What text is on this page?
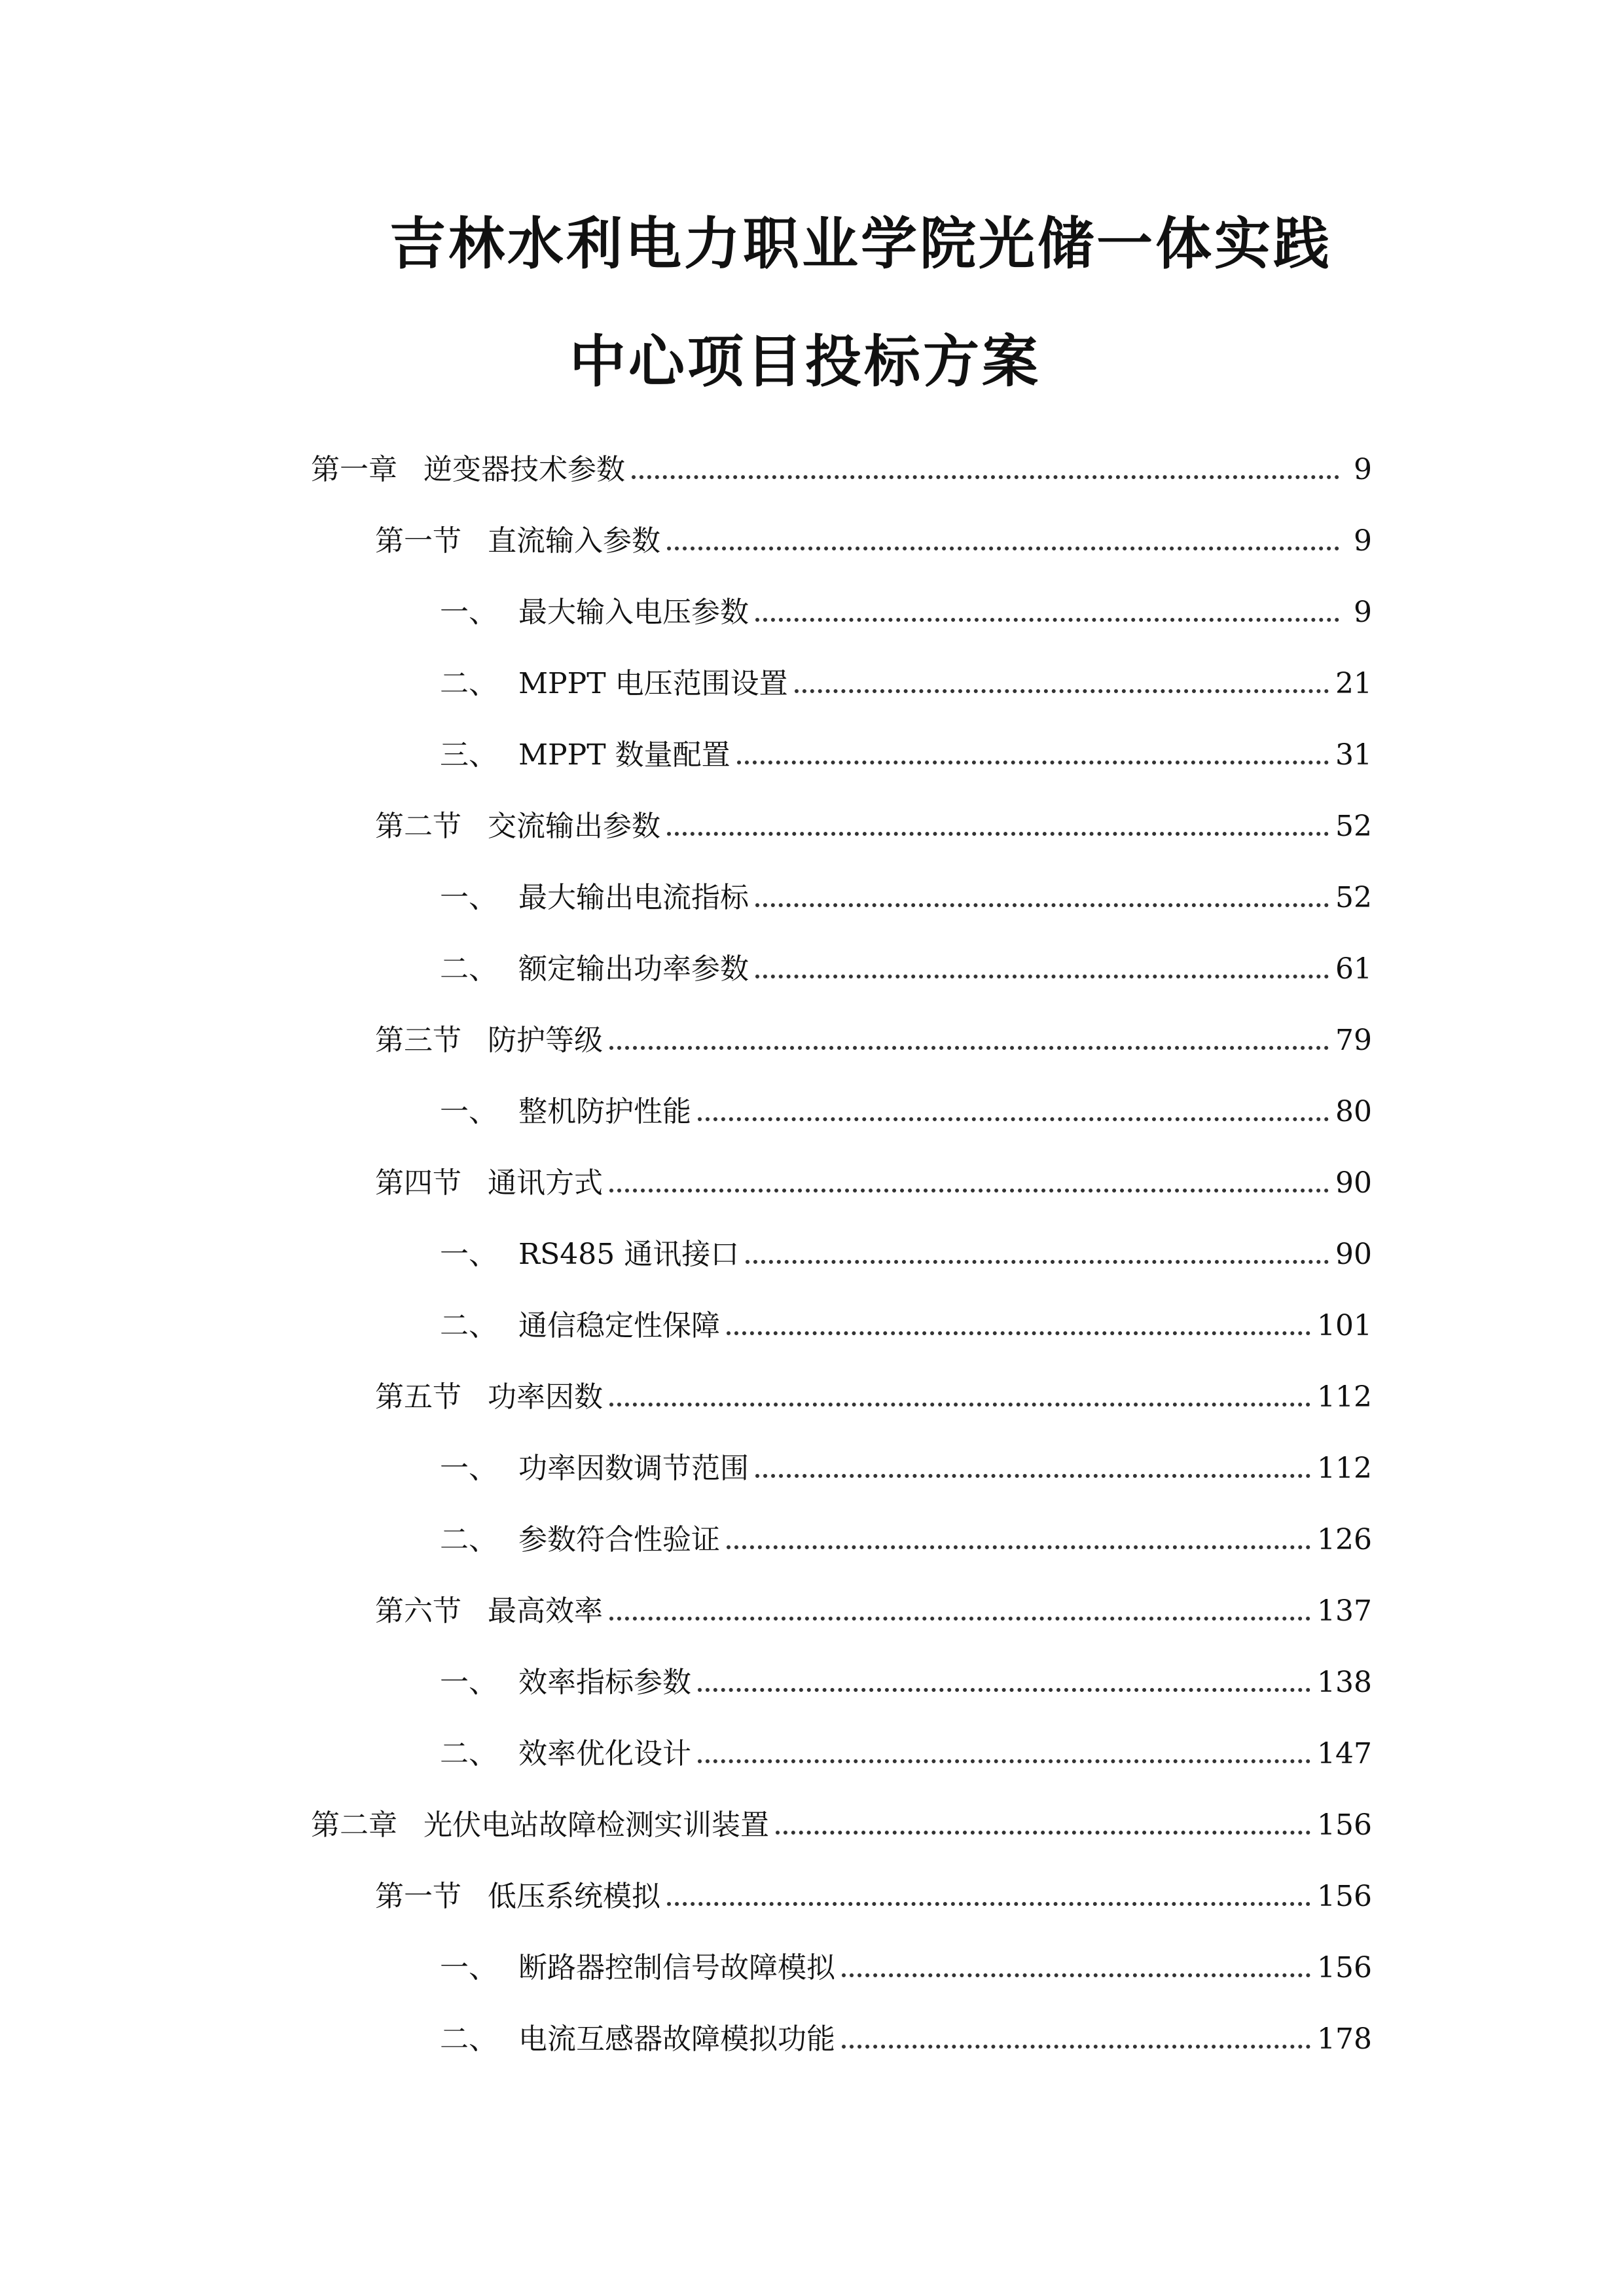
吉林水利电力职业学院光储一体实践
中心项目投标方案
第一章 逆变器技术参数	9
第一节 直流输入参数	9
一、 最大输入电压参数	9
二、 MPPT 电压范围设置	21
三、 MPPT 数量配置	31
第二节 交流输出参数	52
一、 最大输出电流指标	52
二、 额定输出功率参数	61
第三节 防护等级	79
一、 整机防护性能	80
第四节 通讯方式	90
一、 RS485 通讯接口	90
二、 通信稳定性保障	101
第五节 功率因数	112
一、 功率因数调节范围	112
二、 参数符合性验证	126
第六节 最高效率	137
一、 效率指标参数	138
二、 效率优化设计	147
第二章 光伏电站故障检测实训装置	156
第一节 低压系统模拟	156
一、 断路器控制信号故障模拟	156
二、 电流互感器故障模拟功能	178
